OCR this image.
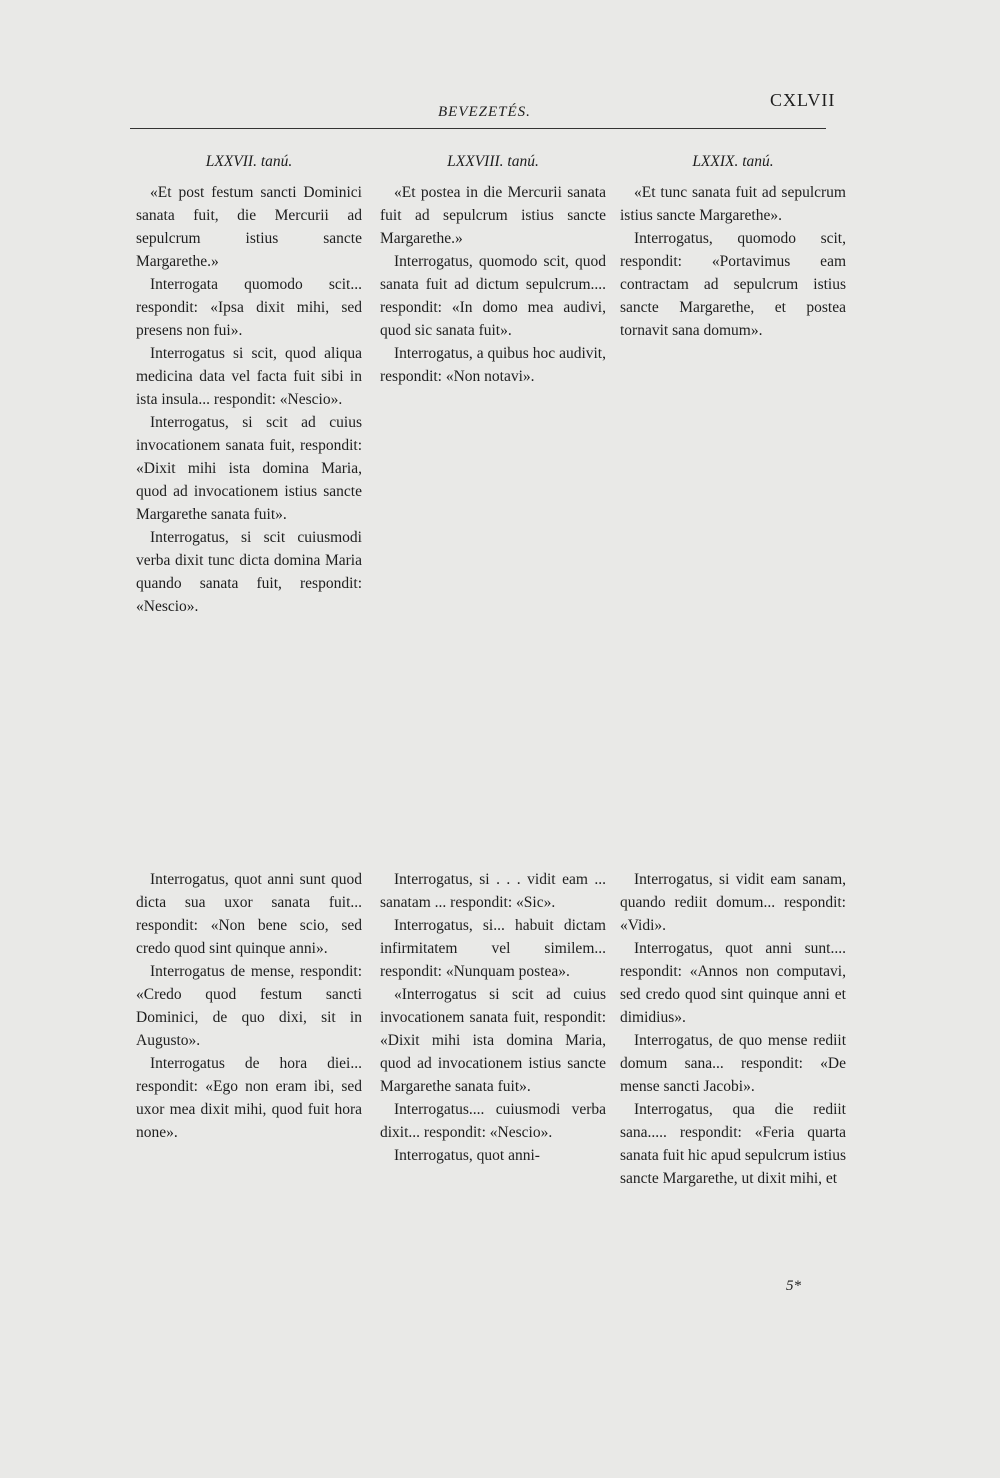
BEVEZETÉS.
CXLVII
LXXVII. tanú.

«Et post festum sancti Dominici sanata fuit, die Mercurii ad sepulcrum istius sancte Margarethe.»

Interrogata quomodo scit... respondit: «Ipsa dixit mihi, sed presens non fui».

Interrogatus si scit, quod aliqua medicina data vel facta fuit sibi in ista insula... respondit: «Nescio».

Interrogatus, si scit ad cuius invocationem sanata fuit, respondit: «Dixit mihi ista domina Maria, quod ad invocationem istius sancte Margarethe sanata fuit».

Interrogatus, si scit cuiusmodi verba dixit tunc dicta domina Maria quando sanata fuit, respondit: «Nescio».

LXXVIII. tanú.

«Et postea in die Mercurii sanata fuit ad sepulcrum istius sancte Margarethe.»

Interrogatus, quomodo scit, quod sanata fuit ad dictum sepulcrum.... respondit: «In domo mea audivi, quod sic sanata fuit».

Interrogatus, a quibus hoc audivit, respondit: «Non notavi».

LXXIX. tanú.

«Et tunc sanata fuit ad sepulcrum istius sancte Margarethe».

Interrogatus, quomodo scit, respondit: «Portavimus eam contractam ad sepulcrum istius sancte Margarethe, et postea tornavit sana domum».

Interrogatus, quot anni sunt quod dicta sua uxor sanata fuit... respondit: «Non bene scio, sed credo quod sint quinque anni».

Interrogatus de mense, respondit: «Credo quod festum sancti Dominici, de quo dixi, sit in Augusto».

Interrogatus de hora diei... respondit: «Ego non eram ibi, sed uxor mea dixit mihi, quod fuit hora none».

Interrogatus, si . . . vidit eam ... sanatam ... respondit: «Sic».

Interrogatus, si... habuit dictam infirmitatem vel similem... respondit: «Nunquam postea».

«Interrogatus si scit ad cuius invocationem sanata fuit, respondit: «Dixit mihi ista domina Maria, quod ad invocationem istius sancte Margarethe sanata fuit».

Interrogatus.... cuiusmodi verba dixit... respondit: «Nescio».

Interrogatus, quot anni-

Interrogatus, si vidit eam sanam, quando rediit domum... respondit: «Vidi».

Interrogatus, quot anni sunt.... respondit: «Annos non computavi, sed credo quod sint quinque anni et dimidius».

Interrogatus, de quo mense rediit domum sana... respondit: «De mense sancti Jacobi».

Interrogatus, qua die rediit sana..... respondit: «Feria quarta sanata fuit hic apud sepulcrum istius sancte Margarethe, ut dixit mihi, et

5*
